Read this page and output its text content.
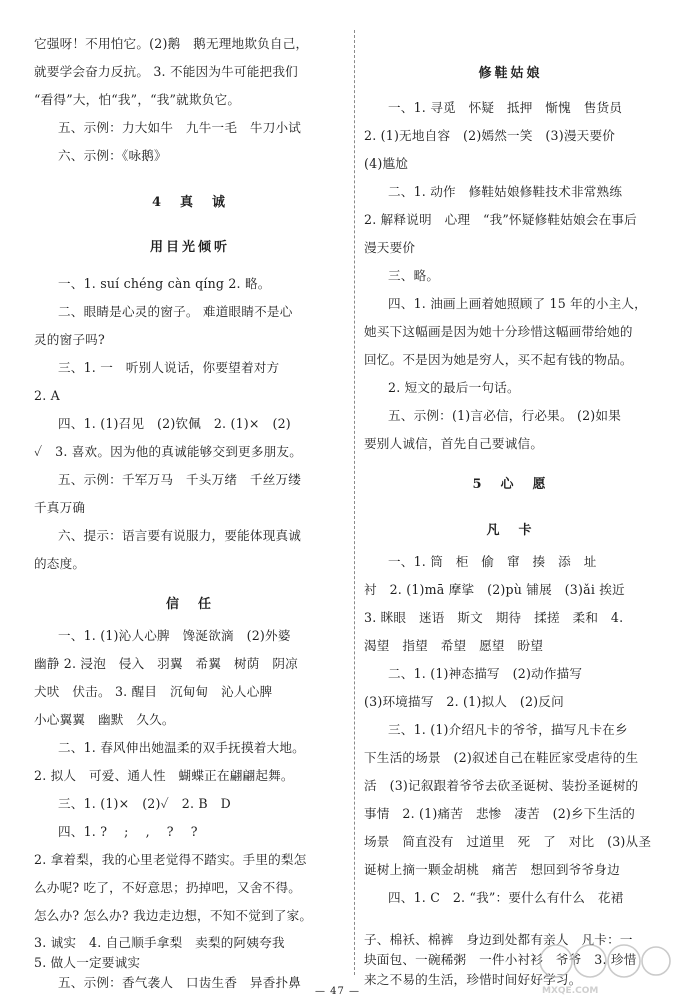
它强呀！不用怕它。(2)鹅　鹅无理地欺负自己，
就要学会奋力反抗。 3. 不能因为牛可能把我们
“看得”大，怕“我”，“我”就欺负它。
五、示例：力大如牛　九牛一毛　牛刀小试
六、示例：《咏鹅》
4　真　诚
用目光倾听
一、1. suí chéng càn qíng 2. 略。
二、眼睛是心灵的窗子。 难道眼睛不是心
灵的窗子吗?
三、1. 一　听别人说话，你要望着对方
2. A
四、1. (1)召见　(2)钦佩　2. (1)×　(2)
✓　3. 喜欢。因为他的真诚能够交到更多朋友。
五、示例：千军万马　千头万绪　千丝万缕
千真万确
六、提示：语言要有说服力，要能体现真诚
的态度。
信　任
一、1. (1)沁人心脾　馋涎欲滴　(2)外婆
幽静 2. 浸泡　侵入　羽翼　希翼　树荫　阴凉
犬吠　伏击。 3. 醒目　沉甸甸　沁人心脾
小心翼翼　幽默　久久。
二、1. 春风伸出她温柔的双手抚摸着大地。
2. 拟人　可爱、通人性　蝴蝶正在翩翩起舞。
三、1. (1)×　(2)✓　2. B　D
四、1. ?　 ;　 ,　 ?　 ?
2. 拿着梨，我的心里老觉得不踏实。手里的梨怎
么办呢? 吃了，不好意思；扔掉吧，又舍不得。
怎么办? 怎么办? 我边走边想，不知不觉到了家。
3. 诚实　4. 自己顺手拿梨　卖梨的阿姨夸我
5. 做人一定要诚实
五、示例：香气袭人　口齿生香　异香扑鼻
修鞋姑娘
一、1. 寻觅　怀疑　抵押　惭愧　售货员
2. (1)无地自容　(2)嫣然一笑　(3)漫天要价
(4)尴尬
二、1. 动作　修鞋姑娘修鞋技术非常熟练
2. 解释说明　心理　“我”怀疑修鞋姑娘会在事后
漫天要价
三、略。
四、1. 油画上画着她照顾了 15 年的小主人，
她买下这幅画是因为她十分珍惜这幅画带给她的
回忆。不是因为她是穷人，买不起有钱的物品。
2. 短文的最后一句话。
五、示例：(1)言必信，行必果。 (2)如果
要别人诚信，首先自己要诚信。
5　心　愿
凡　卡
一、1. 筒　柜　偷　窜　揍　添　址
衬　2. (1)mā 摩挲　(2)pù 铺展　(3)ǎi 挨近
3. 眯眼　迷语　斯文　期待　揉搓　柔和　4.
渴望　指望　希望　愿望　盼望
二、1. (1)神态描写　(2)动作描写
(3)环境描写　2. (1)拟人　(2)反问
三、1. (1)介绍凡卡的爷爷，描写凡卡在乡
下生活的场景　(2)叙述自己在鞋匠家受虐待的生
活　(3)记叙跟着爷爷去砍圣诞树、装扮圣诞树的
事情　2. (1)痛苦　悲惨　凄苦　(2)乡下生活的
场景　简直没有　过道里　死　了　对比　(3)从圣
诞树上摘一颗金胡桃　痛苦　想回到爷爷身边
四、1. C　2. “我”：要什么有什么　花裙
子、棉袄、棉裤　身边到处都有亲人　凡卡：一
块面包、一碗稀粥　一件小衬衫　爷爷　3. 珍惜
来之不易的生活，珍惜时间好好学习。
— 47 —	MXQE.COM
